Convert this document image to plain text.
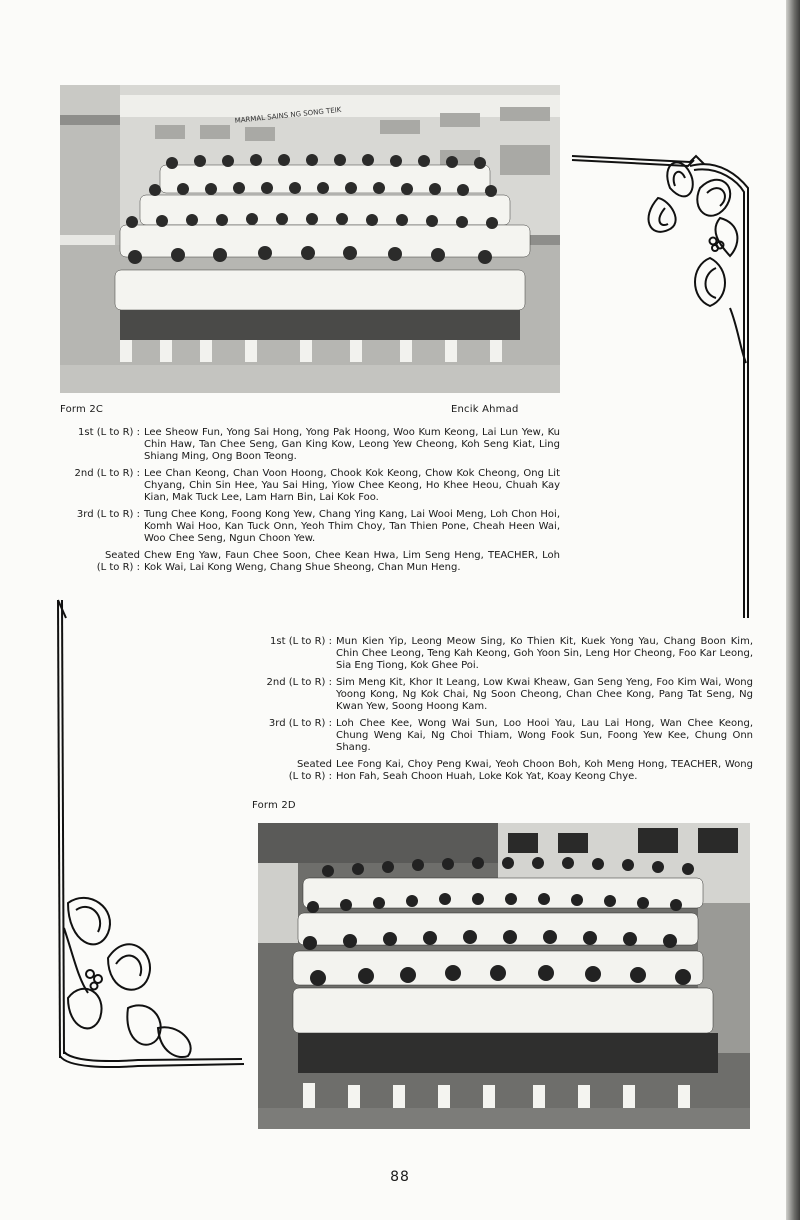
MARMAL SAINS NG SONG TEIK
Form 2C	Encik Ahmad
1st (L to R) : Lee Sheow Fun, Yong Sai Hong, Yong Pak Hoong, Woo Kum Keong, Lai Lun Yew, Ku Chin Haw, Tan Chee Seng, Gan King Kow, Leong Yew Cheong, Koh Seng Kiat, Ling Shiang Ming, Ong Boon Teong.
2nd (L to R) : Lee Chan Keong, Chan Voon Hoong, Chook Kok Keong, Chow Kok Cheong, Ong Lit Chyang, Chin Sin Hee, Yau Sai Hing, Yiow Chee Keong, Ho Khee Heou, Chuah Kay Kian, Mak Tuck Lee, Lam Harn Bin, Lai Kok Foo.
3rd (L to R) : Tung Chee Kong, Foong Kong Yew, Chang Ying Kang, Lai Wooi Meng, Loh Chon Hoi, Komh Wai Hoo, Kan Tuck Onn, Yeoh Thim Choy, Tan Thien Pone, Cheah Heen Wai, Woo Chee Seng, Ngun Choon Yew.
Seated
(L to R) :
Chew Eng Yaw, Faun Chee Soon, Chee Kean Hwa, Lim Seng Heng, TEACHER, Loh Kok Wai, Lai Kong Weng, Chang Shue Sheong, Chan Mun Heng.
1st (L to R) : Mun Kien Yip, Leong Meow Sing, Ko Thien Kit, Kuek Yong Yau, Chang Boon Kim, Chin Chee Leong, Teng Kah Keong, Goh Yoon Sin, Leng Hor Cheong, Foo Kar Leong, Sia Eng Tiong, Kok Ghee Poi.
2nd (L to R) : Sim Meng Kit, Khor It Leang, Low Kwai Kheaw, Gan Seng Yeng, Foo Kim Wai, Wong Yoong Kong, Ng Kok Chai, Ng Soon Cheong, Chan Chee Kong, Pang Tat Seng, Ng Kwan Yew, Soong Hoong Kam.
3rd (L to R) : Loh Chee Kee, Wong Wai Sun, Loo Hooi Yau, Lau Lai Hong, Wan Chee Keong, Chung Weng Kai, Ng Choi Thiam, Wong Fook Sun, Foong Yew Kee, Chung Onn Shang.
Seated
(L to R) :
Lee Fong Kai, Choy Peng Kwai, Yeoh Choon Boh, Koh Meng Hong, TEACHER, Wong Hon Fah, Seah Choon Huah, Loke Kok Yat, Koay Keong Chye.
Form 2D
88
